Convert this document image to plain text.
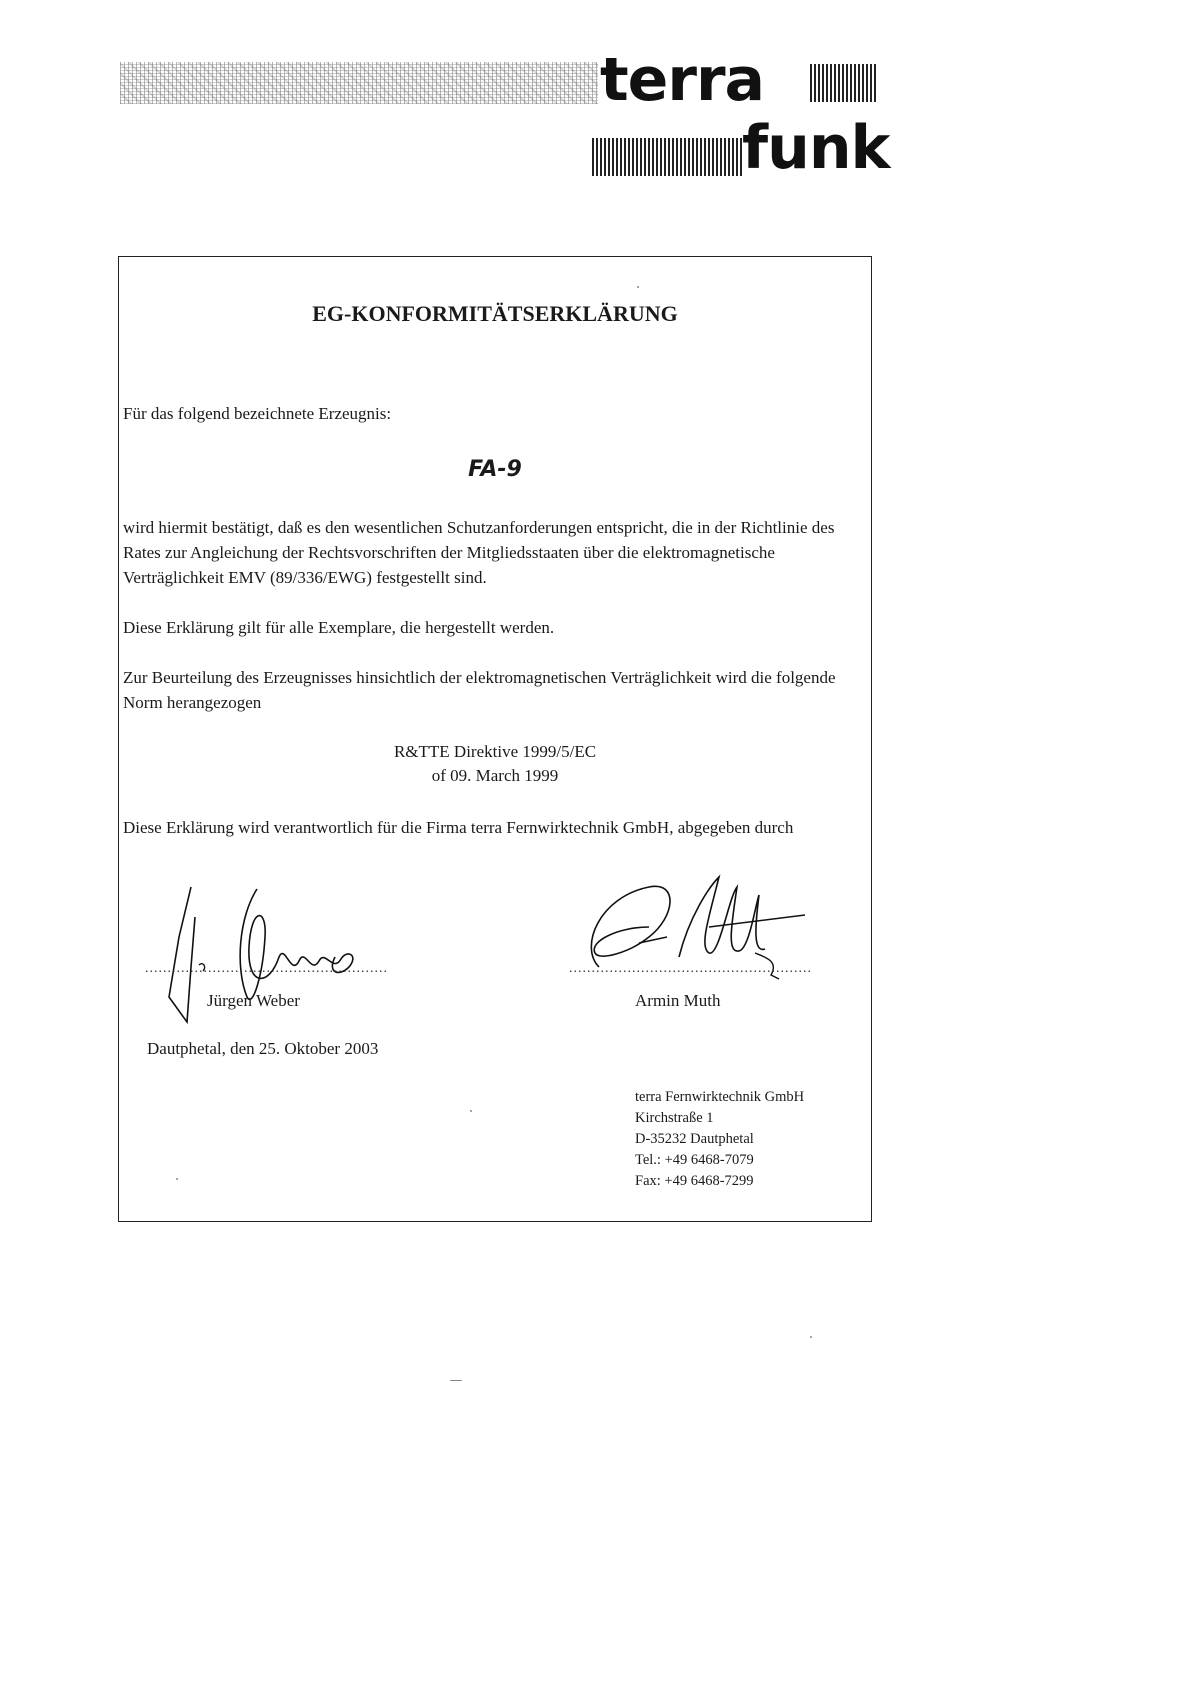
terra
funk
EG-KONFORMITÄTSERKLÄRUNG
Für das folgend bezeichnete Erzeugnis:
FA-9
wird hiermit bestätigt, daß es den wesentlichen Schutzanforderungen entspricht, die in der Richtlinie des Rates zur Angleichung der Rechtsvorschriften der Mitgliedsstaaten über die elektromagnetische Verträglichkeit EMV (89/336/EWG) festgestellt sind.
Diese Erklärung gilt für alle Exemplare, die hergestellt werden.
Zur Beurteilung des Erzeugnisses hinsichtlich der elektromagnetischen Verträglichkeit wird die folgende Norm herangezogen
R&TTE Direktive 1999/5/EC
of 09. March 1999
Diese Erklärung wird verantwortlich für die Firma terra Fernwirktechnik GmbH, abgegeben durch
......................................................	......................................................
Jürgen Weber	Armin Muth
Dautphetal, den 25. Oktober 2003
terra Fernwirktechnik GmbH
Kirchstraße 1
D-35232 Dautphetal
Tel.: +49 6468-7079
Fax: +49 6468-7299
